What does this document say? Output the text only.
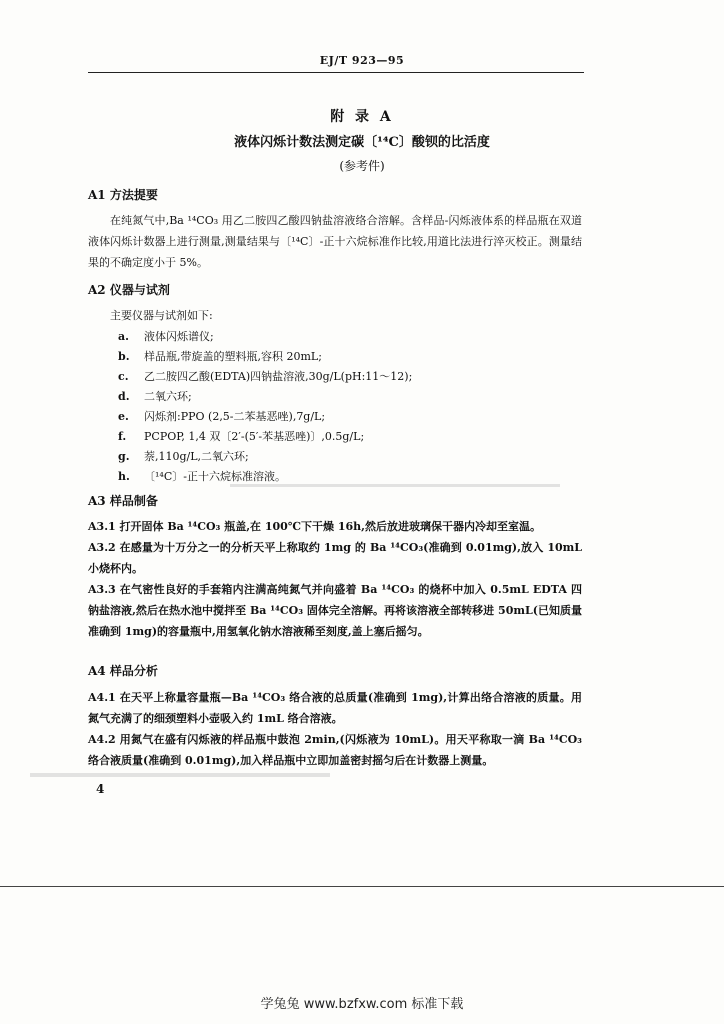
EJ/T 923—95
附 录 A
液体闪烁计数法测定碳〔¹⁴C〕酸钡的比活度
(参考件)
A1 方法提要

在纯氮气中,Ba ¹⁴CO₃ 用乙二胺四乙酸四钠盐溶液络合溶解。含样品-闪烁液体系的样品瓶在双道液体闪烁计数器上进行测量,测量结果与〔¹⁴C〕-正十六烷标准作比较,用道比法进行淬灭校正。测量结果的不确定度小于 5%。

A2 仪器与试剂

主要仪器与试剂如下:

a. 液体闪烁谱仪;
b. 样品瓶,带旋盖的塑料瓶,容积 20mL;
c. 乙二胺四乙酸(EDTA)四钠盐溶液,30g/L(pH:11～12);
d. 二氧六环;
e. 闪烁剂:PPO (2,5-二苯基恶唑),7g/L;
f. PCPOP, 1,4 双〔2′-(5′-苯基恶唑)〕,0.5g/L;
g. 萘,110g/L,二氧六环;
h. 〔¹⁴C〕-正十六烷标准溶液。
A3 样品制备
A3.1 打开固体 Ba ¹⁴CO₃ 瓶盖,在 100℃下干燥 16h,然后放进玻璃保干器内冷却至室温。
A3.2 在感量为十万分之一的分析天平上称取约 1mg 的 Ba ¹⁴CO₃(准确到 0.01mg),放入 10mL 小烧杯内。
A3.3 在气密性良好的手套箱内注满高纯氮气并向盛着 Ba ¹⁴CO₃ 的烧杯中加入 0.5mL EDTA 四钠盐溶液,然后在热水池中搅拌至 Ba ¹⁴CO₃ 固体完全溶解。再将该溶液全部转移进 50mL(已知质量准确到 1mg)的容量瓶中,用氢氧化钠水溶液稀至刻度,盖上塞后摇匀。
A4 样品分析
A4.1 在天平上称量容量瓶—Ba ¹⁴CO₃ 络合液的总质量(准确到 1mg),计算出络合溶液的质量。用氮气充满了的细颈塑料小壶吸入约 1mL 络合溶液。
A4.2 用氮气在盛有闪烁液的样品瓶中鼓泡 2min,(闪烁液为 10mL)。用天平称取一滴 Ba ¹⁴CO₃ 络合液质量(准确到 0.01mg),加入样品瓶中立即加盖密封摇匀后在计数器上测量。
4
学兔兔 www.bzfxw.com 标准下载
